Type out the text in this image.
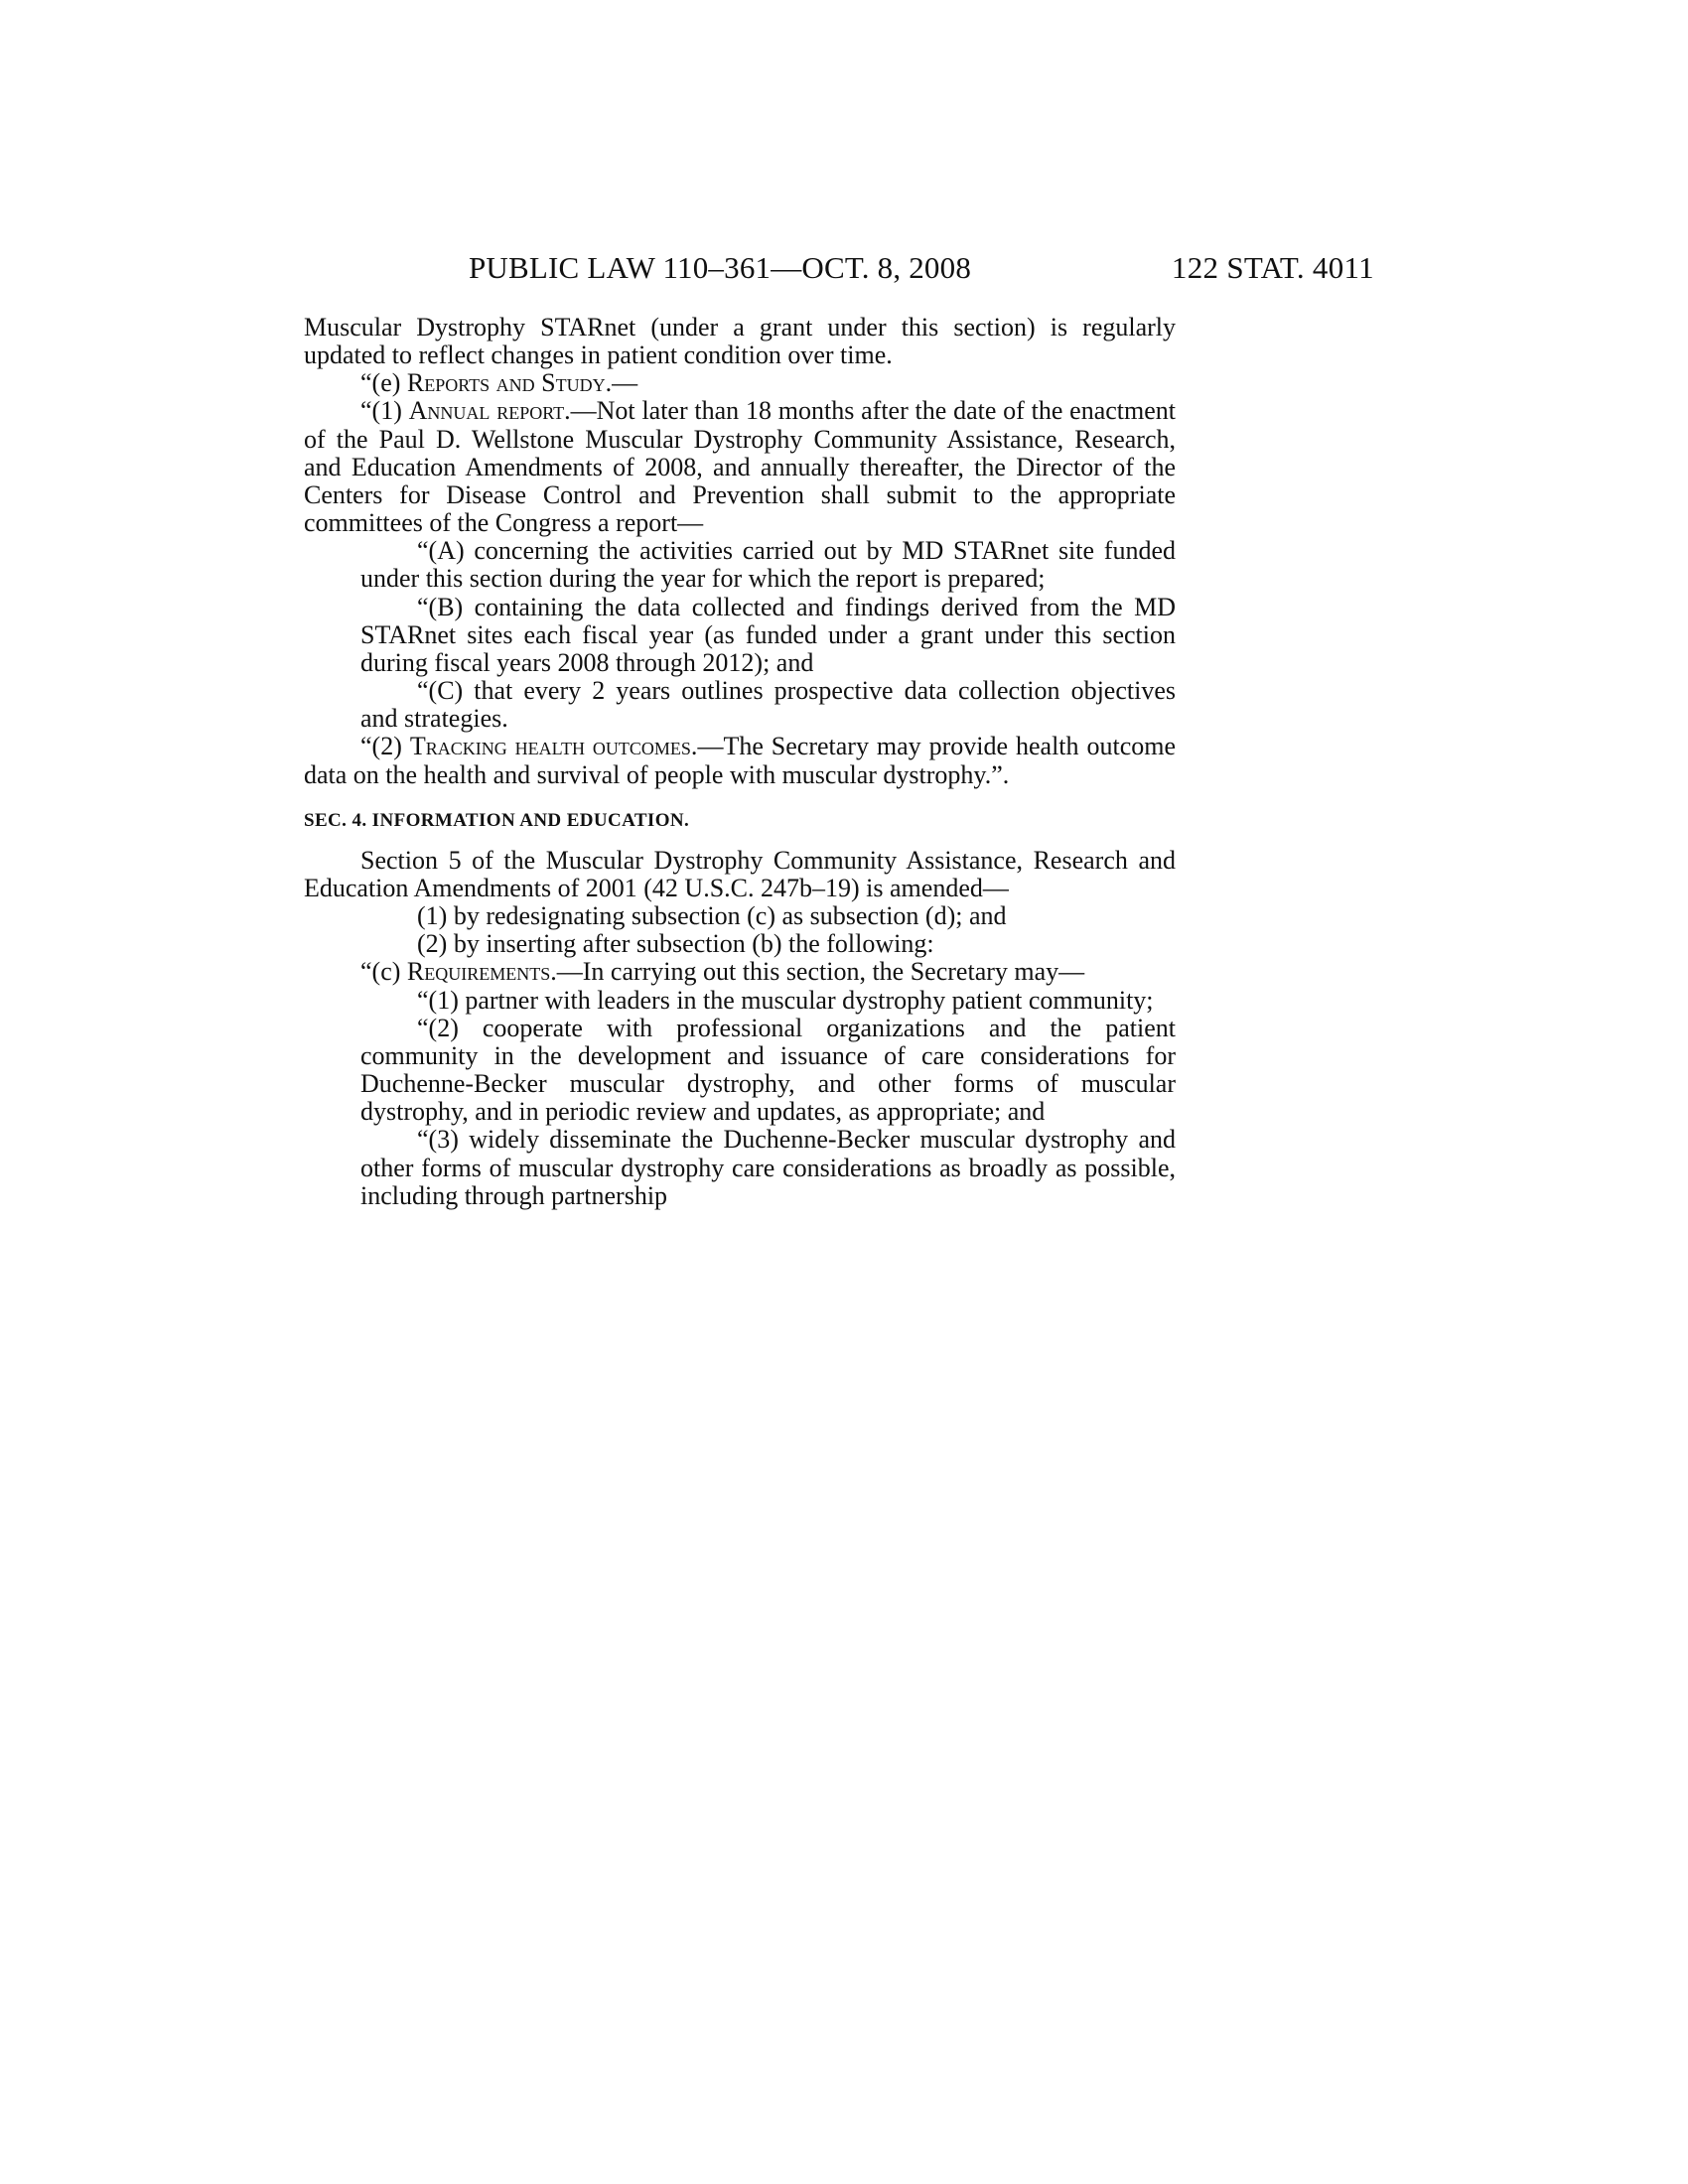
PUBLIC LAW 110–361—OCT. 8, 2008	122 STAT. 4011

Muscular Dystrophy STARnet (under a grant under this section) is regularly updated to reflect changes in patient condition over time.

“(e) Reports and Study.—

“(1) Annual report.—Not later than 18 months after the date of the enactment of the Paul D. Wellstone Muscular Dystrophy Community Assistance, Research, and Education Amendments of 2008, and annually thereafter, the Director of the Centers for Disease Control and Prevention shall submit to the appropriate committees of the Congress a report—

“(A) concerning the activities carried out by MD STARnet site funded under this section during the year for which the report is prepared;

“(B) containing the data collected and findings derived from the MD STARnet sites each fiscal year (as funded under a grant under this section during fiscal years 2008 through 2012); and

“(C) that every 2 years outlines prospective data collection objectives and strategies.

“(2) Tracking health outcomes.—The Secretary may provide health outcome data on the health and survival of people with muscular dystrophy.”.

SEC. 4. INFORMATION AND EDUCATION.

Section 5 of the Muscular Dystrophy Community Assistance, Research and Education Amendments of 2001 (42 U.S.C. 247b–19) is amended—

(1) by redesignating subsection (c) as subsection (d); and

(2) by inserting after subsection (b) the following:

“(c) Requirements.—In carrying out this section, the Secretary may—

“(1) partner with leaders in the muscular dystrophy patient community;

“(2) cooperate with professional organizations and the patient community in the development and issuance of care considerations for Duchenne-Becker muscular dystrophy, and other forms of muscular dystrophy, and in periodic review and updates, as appropriate; and

“(3) widely disseminate the Duchenne-Becker muscular dystrophy and other forms of muscular dystrophy care considerations as broadly as possible, including through partnership
